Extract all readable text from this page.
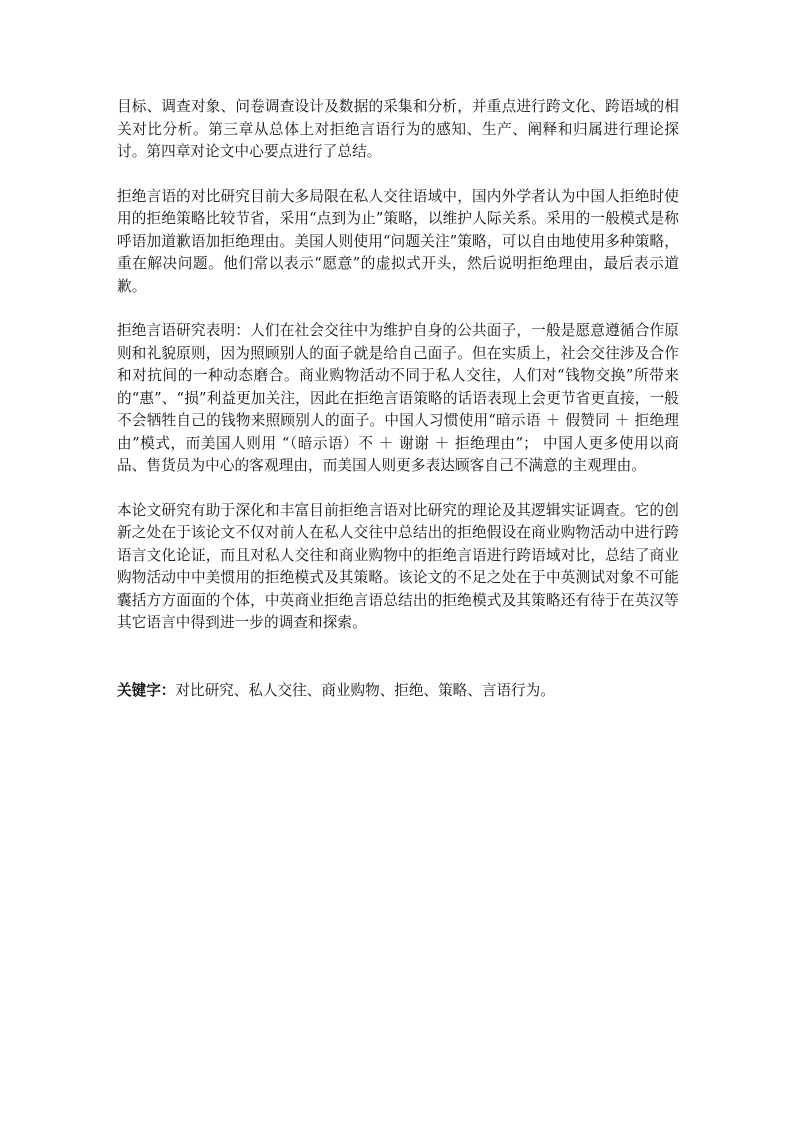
目标、调查对象、问卷调查设计及数据的采集和分析，并重点进行跨文化、跨语域的相关对比分析。第三章从总体上对拒绝言语行为的感知、生产、阐释和归属进行理论探讨。第四章对论文中心要点进行了总结。

拒绝言语的对比研究目前大多局限在私人交往语域中，国内外学者认为中国人拒绝时使用的拒绝策略比较节省，采用“点到为止”策略，以维护人际关系。采用的一般模式是称呼语加道歉语加拒绝理由。美国人则使用“问题关注”策略，可以自由地使用多种策略，重在解决问题。他们常以表示“愿意”的虚拟式开头，然后说明拒绝理由，最后表示道歉。

拒绝言语研究表明：人们在社会交往中为维护自身的公共面子，一般是愿意遵循合作原则和礼貌原则，因为照顾别人的面子就是给自己面子。但在实质上，社会交往涉及合作和对抗间的一种动态磨合。商业购物活动不同于私人交往，人们对“钱物交换”所带来的“惠”、“损”利益更加关注，因此在拒绝言语策略的话语表现上会更节省更直接，一般不会牺牲自己的钱物来照顾别人的面子。中国人习惯使用“暗示语 ＋ 假赞同 ＋ 拒绝理由”模式，而美国人则用 “（暗示语）不 ＋ 谢谢 ＋ 拒绝理由”； 中国人更多使用以商品、售货员为中心的客观理由，而美国人则更多表达顾客自己不满意的主观理由。

本论文研究有助于深化和丰富目前拒绝言语对比研究的理论及其逻辑实证调查。它的创新之处在于该论文不仅对前人在私人交往中总结出的拒绝假设在商业购物活动中进行跨语言文化论证，而且对私人交往和商业购物中的拒绝言语进行跨语域对比，总结了商业购物活动中中美惯用的拒绝模式及其策略。该论文的不足之处在于中英测试对象不可能囊括方方面面的个体，中英商业拒绝言语总结出的拒绝模式及其策略还有待于在英汉等其它语言中得到进一步的调查和探索。

关键字：对比研究、私人交往、商业购物、拒绝、策略、言语行为。
